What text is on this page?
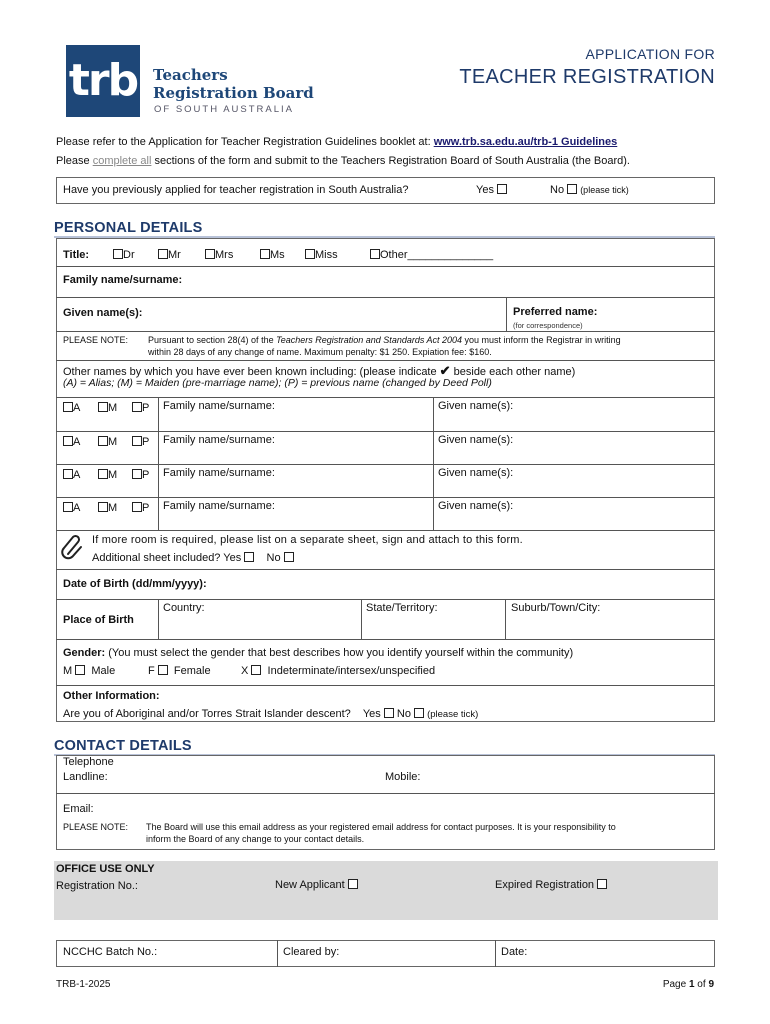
trb Teachers
Registration Board
OF SOUTH AUSTRALIA
APPLICATION FOR
TEACHER REGISTRATION
Please refer to the Application for Teacher Registration Guidelines booklet at: www.trb.sa.edu.au/trb-1 Guidelines
Please complete all sections of the form and submit to the Teachers Registration Board of South Australia (the Board).
Have you previously applied for teacher registration in South Australia?	Yes	No (please tick)
PERSONAL DETAILS
Title:	Dr	Mr	Mrs	Ms	Miss	Other______________
Family name/surname:
Given name(s):	Preferred name:
(for correspondence)
PLEASE NOTE: Pursuant to section 28(4) of the Teachers Registration and Standards Act 2004 you must inform the Registrar in writing
within 28 days of any change of name. Maximum penalty: $1 250. Expiation fee: $160.
Other names by which you have ever been known including: (please indicate ✔ beside each other name)
(A) = Alias; (M) = Maiden (pre-marriage name); (P) = previous name (changed by Deed Poll)
A	M	P Family name/surname:	Given name(s):
A	M	P Family name/surname:	Given name(s):
A	M	P Family name/surname:	Given name(s):
A	M	P Family name/surname:	Given name(s):
If more room is required, please list on a separate sheet, sign and attach to this form.
Additional sheet included? Yes No
Date of Birth (dd/mm/yyyy):
Place of Birth
Country:	State/Territory:	Suburb/Town/City:
Gender: (You must select the gender that best describes how you identify yourself within the community)
M Male	F Female	X Indeterminate/intersex/unspecified
Other Information:
Are you of Aboriginal and/or Torres Strait Islander descent? Yes No (please tick)
CONTACT DETAILS
Telephone
Landline:	Mobile:
Email:
PLEASE NOTE: The Board will use this email address as your registered email address for contact purposes. It is your responsibility to
inform the Board of any change to your contact details.
OFFICE USE ONLY
Registration No.:	New Applicant	Expired Registration
NCCHC Batch No.:	Cleared by:	Date:
TRB-1-2025	Page 1 of 9
